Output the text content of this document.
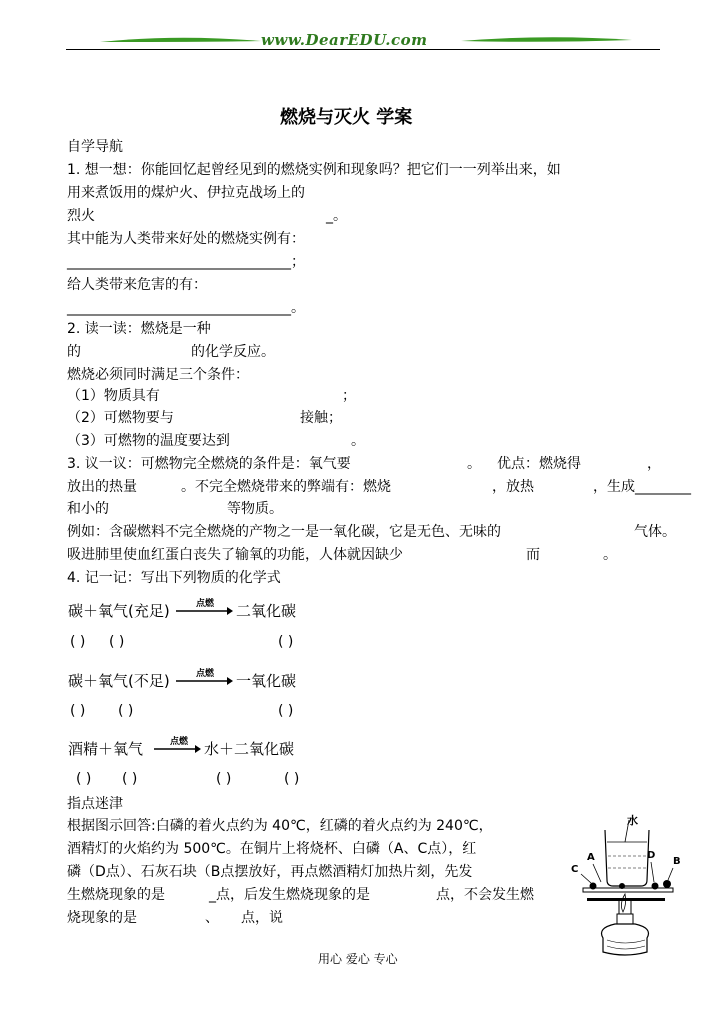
www.DearEDU.com
燃烧与灭火 学案
自学导航
1. 想一想：你能回忆起曾经见到的燃烧实例和现象吗？把它们一一列举出来，如
用来煮饭用的煤炉火、伊拉克战场上的
烈火	_。
其中能为人类带来好处的燃烧实例有：
________________________________；
给人类带来危害的有：
________________________________。
2. 读一读：燃烧是一种
的	的化学反应。
燃烧必须同时满足三个条件：
（1）物质具有	；
（2）可燃物要与	接触；
（3）可燃物的温度要达到	。
3. 议一议：可燃物完全燃烧的条件是：氧气要	。 优点：燃烧得	，
放出的热量	。不完全燃烧带来的弊端有：燃烧	，放热	，生成________
和小的	等物质。
例如：含碳燃料不完全燃烧的产物之一是一氧化碳，它是无色、无味的	气体。
吸进肺里使血红蛋白丧失了输氧的功能，人体就因缺少	而	。
4. 记一记：写出下列物质的化学式
碳＋氧气(充足)	点燃 二氧化碳
( ) ( )	( )
碳＋氧气(不足)	点燃 一氧化碳
( ) ( )	( )
酒精＋氧气	点燃 水＋二氧化碳
( ) ( )	( )	( )
指点迷津
根据图示回答:白磷的着火点约为 40℃，红磷的着火点约为 240℃，
酒精灯的火焰约为 500℃。在铜片上将烧杯、白磷（A、C点），红
磷（D点）、石灰石块（B点摆放好，再点燃酒精灯加热片刻，先发
生燃烧现象的是	_点，后发生燃烧现象的是	点，不会发生燃
烧现象的是	、 点，说
水
A
C
D
B
用心 爱心 专心
